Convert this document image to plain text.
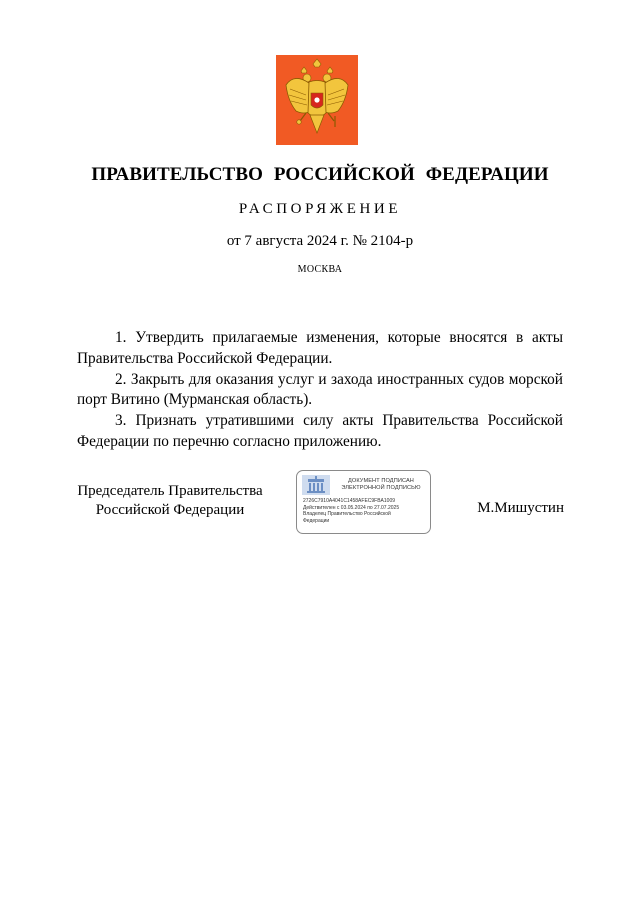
ПРАВИТЕЛЬСТВО РОССИЙСКОЙ ФЕДЕРАЦИИ
РАСПОРЯЖЕНИЕ
от 7 августа 2024 г. № 2104-р
МОСКВА

1. Утвердить прилагаемые изменения, которые вносятся в акты Правительства Российской Федерации.

2. Закрыть для оказания услуг и захода иностранных судов морской порт Витино (Мурманская область).

3. Признать утратившими силу акты Правительства Российской Федерации по перечню согласно приложению.

Председатель Правительства
Российской Федерации
ДОКУМЕНТ ПОДПИСАН
ЭЛЕКТРОННОЙ ПОДПИСЬЮ
2726C7910A4041C1458AFEC9FBA1009
Действителен с 03.05.2024 по 27.07.2025
Владелец Правительство Российской
Федерации
М.Мишустин
